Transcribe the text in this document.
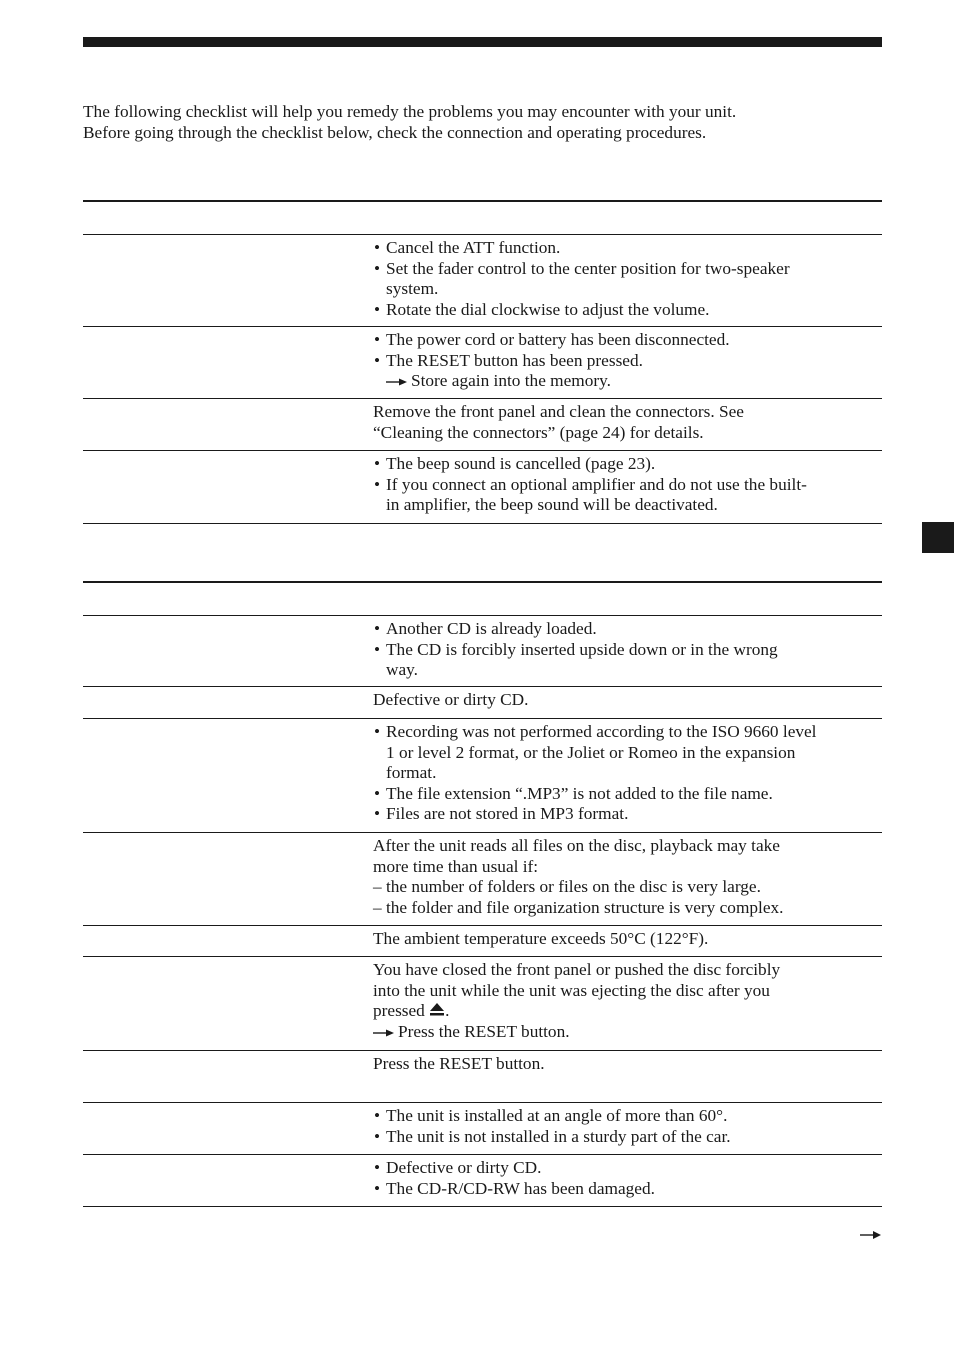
The following checklist will help you remedy the problems you may encounter with your unit.

Before going through the checklist below, check the connection and operating procedures.

• Cancel the ATT function.

• Set the fader control to the center position for two-speaker

system.

• Rotate the dial clockwise to adjust the volume.

• The power cord or battery has been disconnected.

• The RESET button has been pressed.

Store again into the memory.

Remove the front panel and clean the connectors. See

“Cleaning the connectors” (page 24) for details.

• The beep sound is cancelled (page 23).

• If you connect an optional amplifier and do not use the built-

in amplifier, the beep sound will be deactivated.

• Another CD is already loaded.

• The CD is forcibly inserted upside down or in the wrong

way.

Defective or dirty CD.

• Recording was not performed according to the ISO 9660 level

1 or level 2 format, or the Joliet or Romeo in the expansion

format.

• The file extension “.MP3” is not added to the file name.

• Files are not stored in MP3 format.

After the unit reads all files on the disc, playback may take

more time than usual if:

– the number of folders or files on the disc is very large.

– the folder and file organization structure is very complex.

The ambient temperature exceeds 50°C (122°F).

You have closed the front panel or pushed the disc forcibly

into the unit while the unit was ejecting the disc after you

pressed .

Press the RESET button.

Press the RESET button.

• The unit is installed at an angle of more than 60°.

• The unit is not installed in a sturdy part of the car.

• Defective or dirty CD.

• The CD-R/CD-RW has been damaged.
